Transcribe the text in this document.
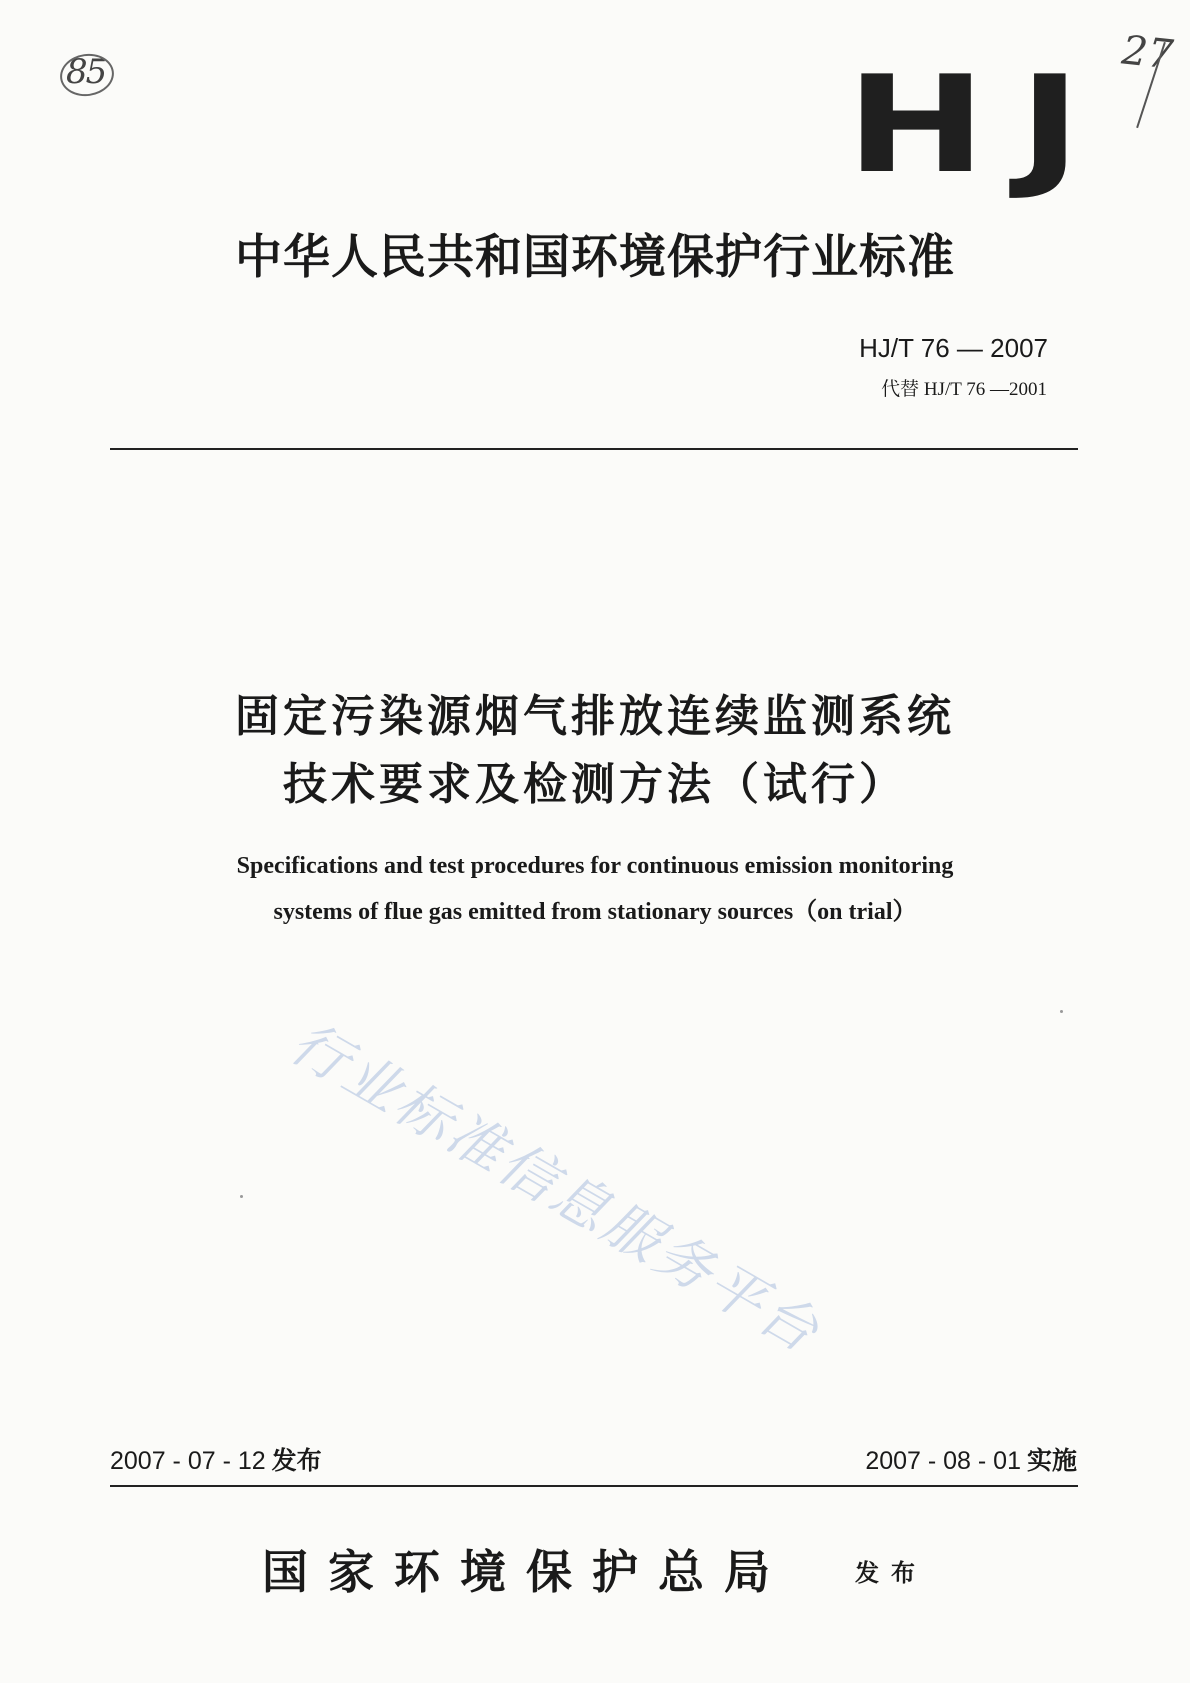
85	27
HJ
中华人民共和国环境保护行业标准
HJ/T 76 — 2007
代替 HJ/T 76 —2001
固定污染源烟气排放连续监测系统
技术要求及检测方法（试行）
Specifications and test procedures for continuous emission monitoring
systems of flue gas emitted from stationary sources（on trial）
行业标准信息服务平台
2007 - 07 - 12 发布	2007 - 08 - 01 实施
国家环境保护总局	发布
